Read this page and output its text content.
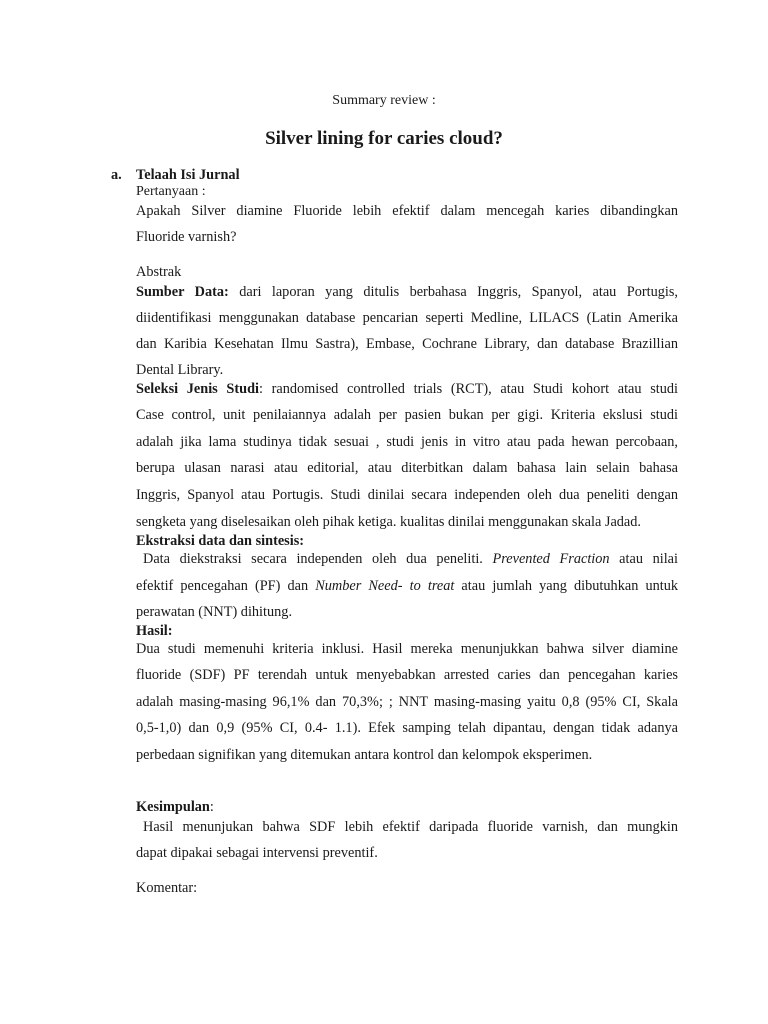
Summary review :
Silver lining for caries cloud?
a. Telaah Isi Jurnal
Pertanyaan :
Apakah Silver diamine Fluoride lebih efektif dalam mencegah karies dibandingkan
Fluoride varnish?
Abstrak
Sumber Data: dari laporan yang ditulis berbahasa Inggris, Spanyol, atau Portugis,
diidentifikasi menggunakan database pencarian seperti Medline, LILACS (Latin Amerika
dan Karibia Kesehatan Ilmu Sastra), Embase, Cochrane Library, dan database Brazillian
Dental Library.
Seleksi Jenis Studi: randomised controlled trials (RCT), atau Studi kohort atau studi
Case control, unit penilaiannya adalah per pasien bukan per gigi. Kriteria ekslusi studi
adalah jika lama studinya tidak sesuai , studi jenis in vitro atau pada hewan percobaan,
berupa ulasan narasi atau editorial, atau diterbitkan dalam bahasa lain selain bahasa
Inggris, Spanyol atau Portugis. Studi dinilai secara independen oleh dua peneliti dengan
sengketa yang diselesaikan oleh pihak ketiga. kualitas dinilai menggunakan skala Jadad.
Ekstraksi data dan sintesis:
Data diekstraksi secara independen oleh dua peneliti. Prevented Fraction atau nilai
efektif pencegahan (PF) dan Number Need- to treat atau jumlah yang dibutuhkan untuk
perawatan (NNT) dihitung.
Hasil:
Dua studi memenuhi kriteria inklusi. Hasil mereka menunjukkan bahwa silver diamine
fluoride (SDF) PF terendah untuk menyebabkan arrested caries dan pencegahan karies
adalah masing-masing 96,1% dan 70,3%; ; NNT masing-masing yaitu 0,8 (95% CI, Skala
0,5-1,0) dan 0,9 (95% CI, 0.4- 1.1). Efek samping telah dipantau, dengan tidak adanya
perbedaan signifikan yang ditemukan antara kontrol dan kelompok eksperimen.
Kesimpulan:
Hasil menunjukan bahwa SDF lebih efektif daripada fluoride varnish, dan mungkin
dapat dipakai sebagai intervensi preventif.
Komentar:
